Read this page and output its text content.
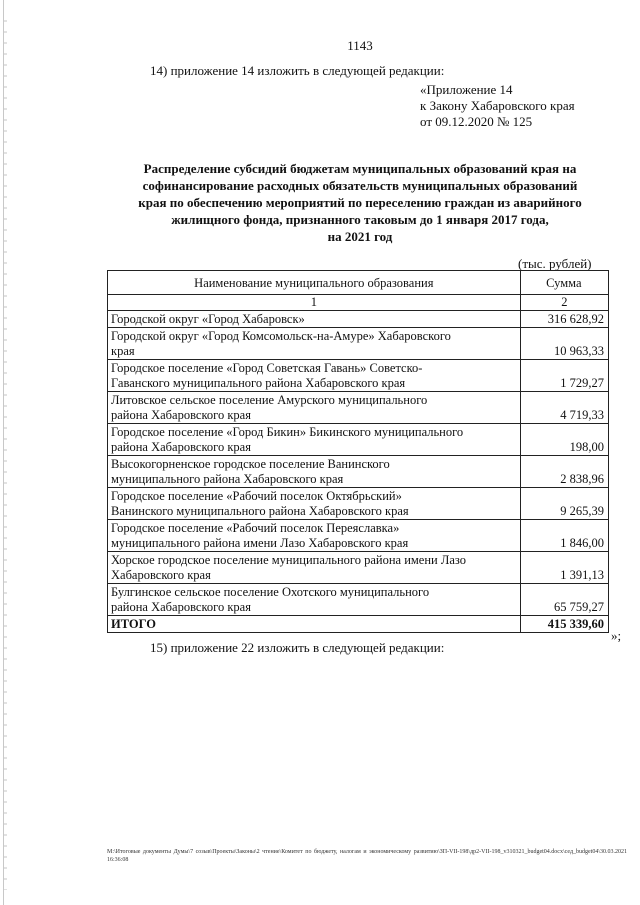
1143
14) приложение 14 изложить в следующей редакции:
«Приложение 14
к Закону Хабаровского края
от 09.12.2020 № 125
Распределение субсидий бюджетам муниципальных образований края на
софинансирование расходных обязательств муниципальных образований
края по обеспечению мероприятий по переселению граждан из аварийного
жилищного фонда, признанного таковым до 1 января 2017 года,
на 2021 год
(тыс. рублей)
Наименование муниципального образования	Сумма
1	2

Городской округ «Город Хабаровск»	316 628,92

Городской округ «Город Комсомольск-на-Амуре» Хабаровского
края	10 963,33

Городское поселение «Город Советская Гавань» Советско-
Гаванского муниципального района Хабаровского края	1 729,27

Литовское сельское поселение Амурского муниципального
района Хабаровского края	4 719,33

Городское поселение «Город Бикин» Бикинского муниципального
района Хабаровского края	198,00

Высокогорненское городское поселение Ванинского
муниципального района Хабаровского края	2 838,96

Городское поселение «Рабочий поселок Октябрьский»
Ванинского муниципального района Хабаровского края	9 265,39

Городское поселение «Рабочий поселок Переяславка»
муниципального района имени Лазо Хабаровского края	1 846,00

Хорское городское поселение муниципального района имени Лазо
Хабаровского края	1 391,13

Булгинское сельское поселение Охотского муниципального
района Хабаровского края	65 759,27
ИТОГО	415 339,60
»;
15) приложение 22 изложить в следующей редакции:
M:\Итоговые документы Думы\7 созыв\Проекты\Законы\2 чтение\Комитет по бюджету, налогам и экономическому развитию\ЗП-VII-198\др2-VII-198_v310321_budget04.docx\сед_budget04\30.03.2021 16:36:08
